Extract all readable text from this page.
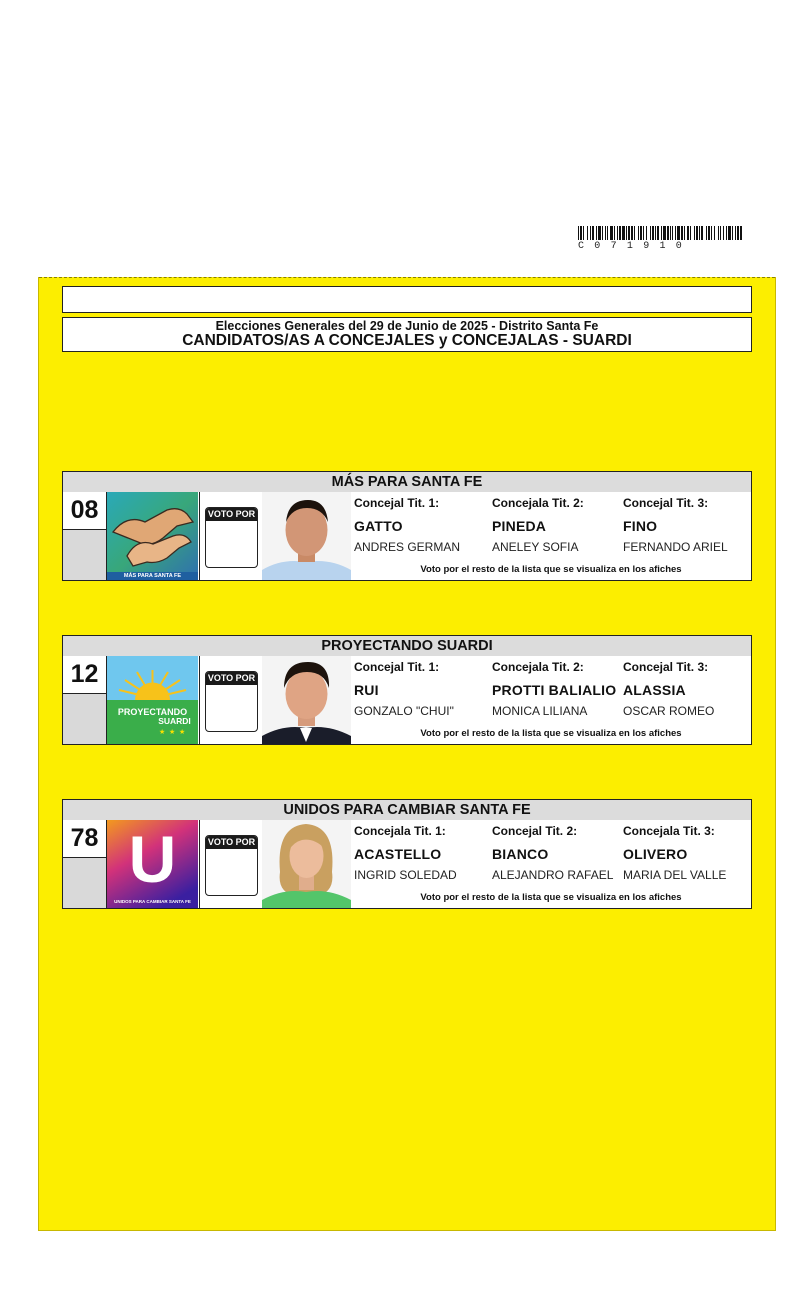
C071910
Elecciones Generales del 29 de Junio de 2025 - Distrito Santa Fe
CANDIDATOS/AS A CONCEJALES y CONCEJALAS - SUARDI
MÁS PARA SANTA FE
08
MÁS PARA SANTA FE
VOTO POR
Concejal Tit. 1:
GATTO
ANDRES GERMAN
Concejala Tit. 2:
PINEDA
ANELEY SOFIA
Concejal Tit. 3:
FINO
FERNANDO ARIEL
Voto por el resto de la lista que se visualiza en los afiches
PROYECTANDO SUARDI
12
★ ★ ★
PROYECTANDO
SUARDI
VOTO POR
Concejal Tit. 1:
RUI
GONZALO "CHUI"
Concejala Tit. 2:
PROTTI BALIALIO
MONICA LILIANA
Concejal Tit. 3:
ALASSIA
OSCAR ROMEO
Voto por el resto de la lista que se visualiza en los afiches
UNIDOS PARA CAMBIAR SANTA FE
78 U
UNIDOS PARA CAMBIAR SANTA FE
VOTO POR
Concejala Tit. 1:
ACASTELLO
INGRID SOLEDAD
Concejal Tit. 2:
BIANCO
ALEJANDRO RAFAEL
Concejala Tit. 3:
OLIVERO
MARIA DEL VALLE
Voto por el resto de la lista que se visualiza en los afiches
